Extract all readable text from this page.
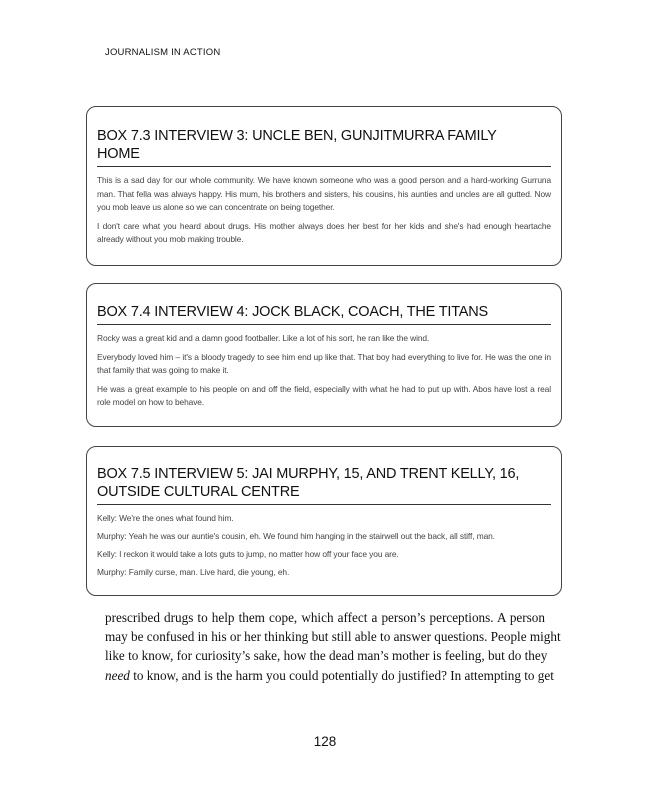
JOURNALISM IN ACTION
BOX 7.3 INTERVIEW 3: UNCLE BEN, GUNJITMURRA FAMILY
HOME

This is a sad day for our whole community. We have known someone who was a good person and a hard-working Gurruna man. That fella was always happy. His mum, his brothers and sisters, his cousins, his aunties and uncles are all gutted. Now you mob leave us alone so we can concentrate on being together.

I don't care what you heard about drugs. His mother always does her best for her kids and she's had enough heartache already without you mob making trouble.

BOX 7.4 INTERVIEW 4: JOCK BLACK, COACH, THE TITANS

Rocky was a great kid and a damn good footballer. Like a lot of his sort, he ran like the wind.

Everybody loved him – it's a bloody tragedy to see him end up like that. That boy had everything to live for. He was the one in that family that was going to make it.

He was a great example to his people on and off the field, especially with what he had to put up with. Abos have lost a real role model on how to behave.

BOX 7.5 INTERVIEW 5: JAI MURPHY, 15, AND TRENT KELLY, 16,
OUTSIDE CULTURAL CENTRE

Kelly: We're the ones what found him.

Murphy: Yeah he was our auntie's cousin, eh. We found him hanging in the stairwell out the back, all stiff, man.

Kelly: I reckon it would take a lots guts to jump, no matter how off your face you are.

Murphy: Family curse, man. Live hard, die young, eh.

prescribed drugs to help them cope, which affect a person’s perceptions. A person
may be confused in his or her thinking but still able to answer questions. People might
like to know, for curiosity’s sake, how the dead man’s mother is feeling, but do they
need to know, and is the harm you could potentially do justified? In attempting to get
128
